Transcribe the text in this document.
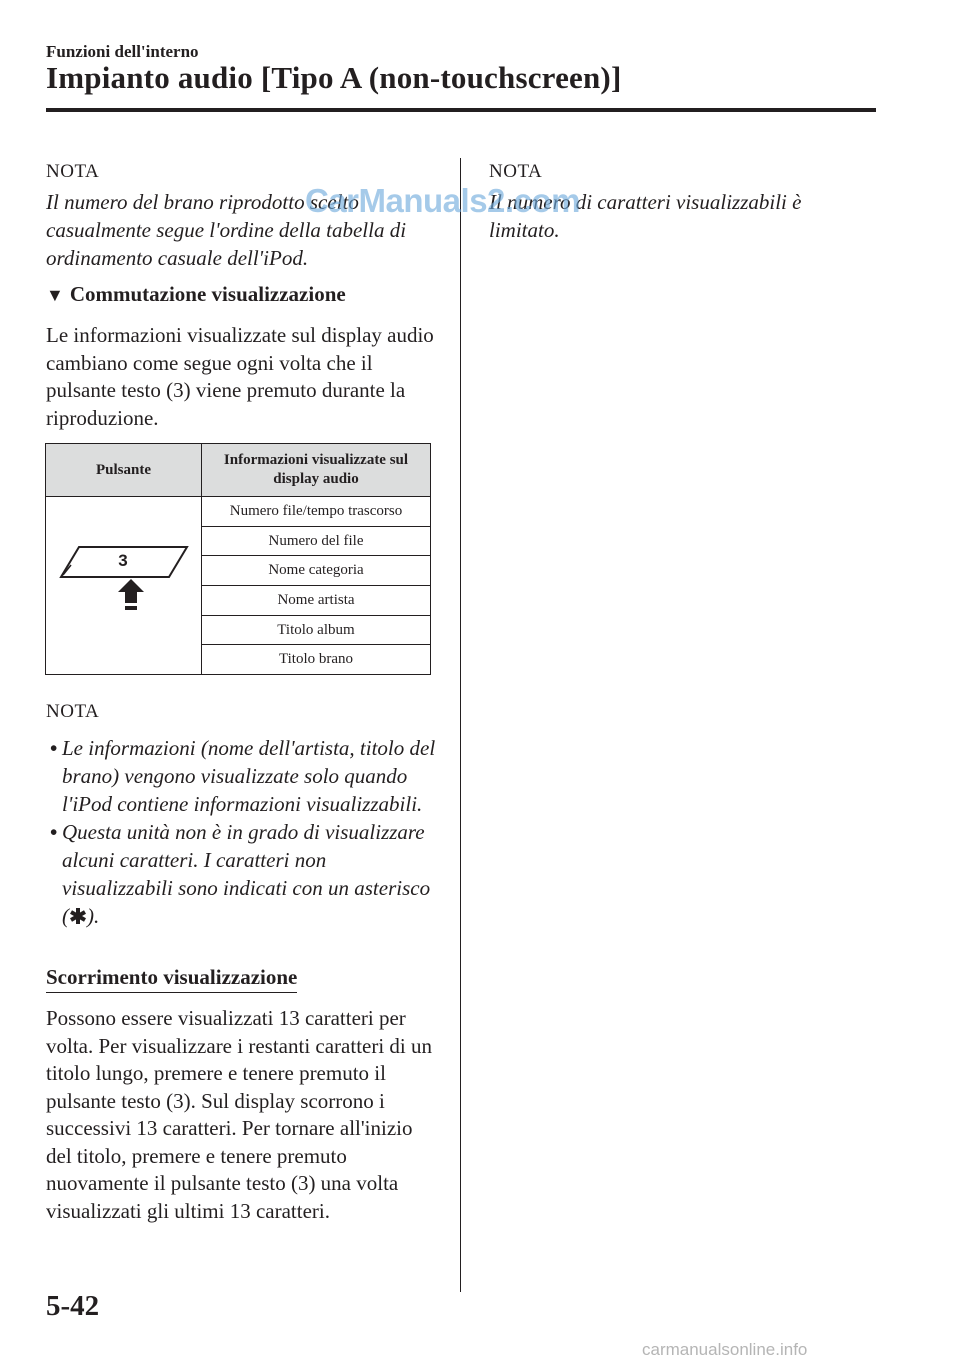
Funzioni dell'interno
Impianto audio [Tipo A (non-touchscreen)]
NOTA
Il numero del brano riprodotto scelto casualmente segue l'ordine della tabella di ordinamento casuale dell'iPod.
▼ Commutazione visualizzazione
Le informazioni visualizzate sul display audio cambiano come segue ogni volta che il pulsante testo (3) viene premuto durante la riproduzione.
Pulsante	Informazioni visualizzate sul display audio

3	Numero file/tempo trascorso
	Numero del file
	Nome categoria
	Nome artista
	Titolo album
	Titolo brano
NOTA
• Le informazioni (nome dell'artista, titolo del brano) vengono visualizzate solo quando l'iPod contiene informazioni visualizzabili.
• Questa unità non è in grado di visualizzare alcuni caratteri. I caratteri non visualizzabili sono indicati con un asterisco ( ).
Scorrimento visualizzazione
Possono essere visualizzati 13 caratteri per volta. Per visualizzare i restanti caratteri di un titolo lungo, premere e tenere premuto il pulsante testo (3). Sul display scorrono i successivi 13 caratteri. Per tornare all'inizio del titolo, premere e tenere premuto nuovamente il pulsante testo (3) una volta visualizzati gli ultimi 13 caratteri.
NOTA
Il numero di caratteri visualizzabili è limitato.
CarManuals2.com
5-42
carmanualsonline.info
